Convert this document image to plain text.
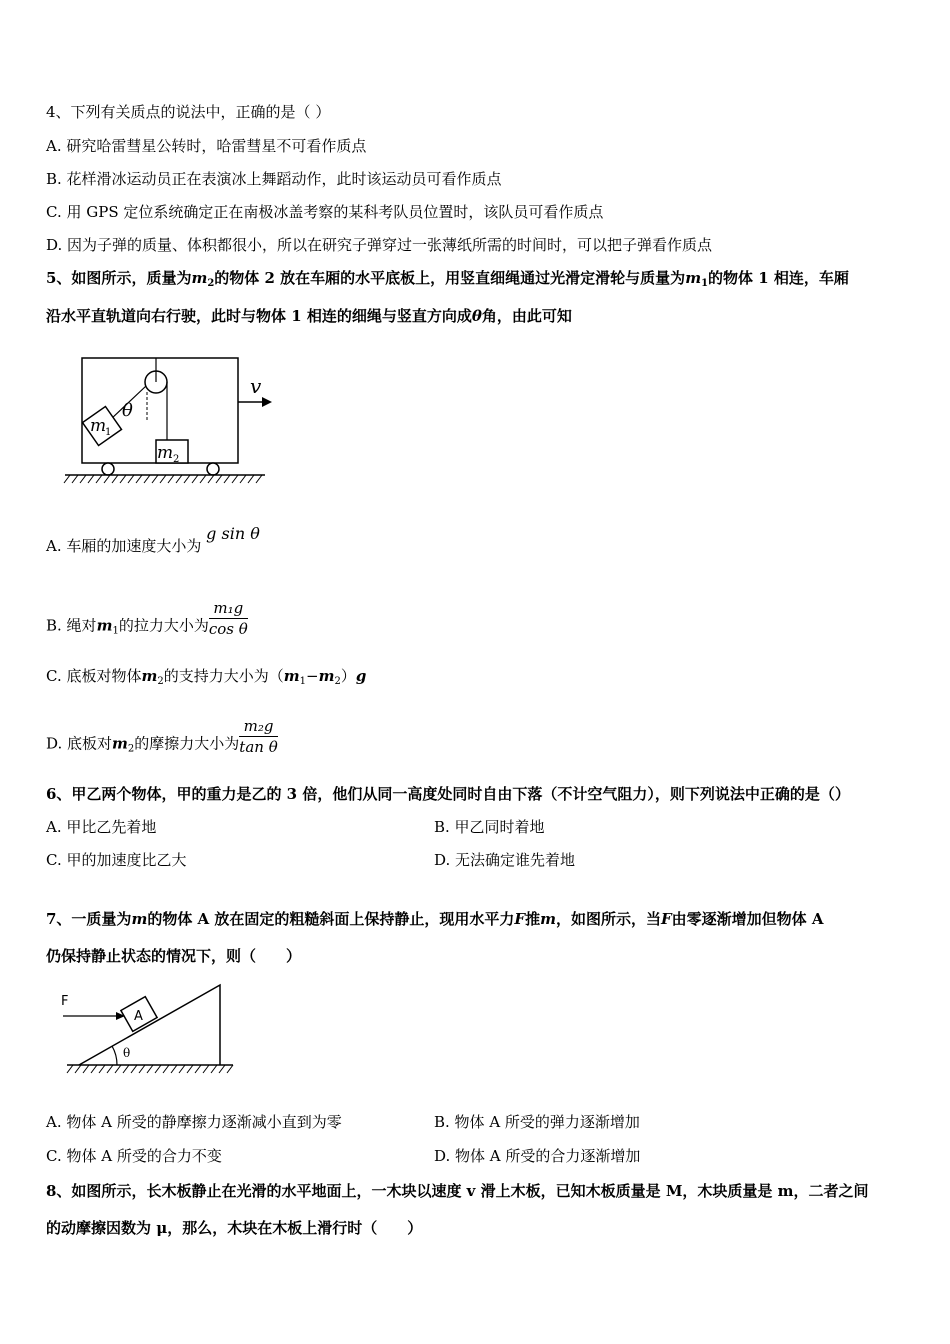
4、下列有关质点的说法中，正确的是（ ）
A. 研究哈雷彗星公转时，哈雷彗星不可看作质点
B. 花样滑冰运动员正在表演冰上舞蹈动作，此时该运动员可看作质点
C. 用 GPS 定位系统确定正在南极冰盖考察的某科考队员位置时，该队员可看作质点
D. 因为子弹的质量、体积都很小，所以在研究子弹穿过一张薄纸所需的时间时，可以把子弹看作质点
5、如图所示，质量为$m_2$的物体 2 放在车厢的水平底板上，用竖直细绳通过光滑定滑轮与质量为$m_1$的物体 1 相连，车厢
沿水平直轨道向右行驶，此时与物体 1 相连的细绳与竖直方向成θ角，由此可知
m
1
θ
m 2
v
A. 车厢的加速度大小为 g sin θ
B. 绳对$m_1$的拉力大小为 $\frac{\text{m₁g}}{\text{cos θ}}$
C. 底板对物体$m_2$的支持力大小为$(m_1-m_2)g$
D. 底板对$m_2$的摩擦力大小为 $\frac{\text{m₂g}}{\text{tan θ}}$
6、甲乙两个物体，甲的重力是乙的 3 倍，他们从同一高度处同时自由下落（不计空气阻力），则下列说法中正确的是（）
A. 甲比乙先着地	B. 甲乙同时着地
C. 甲的加速度比乙大	D. 无法确定谁先着地
7、一质量为m的物体 A 放在固定的粗糙斜面上保持静止，现用水平力F推m，如图所示，当F由零逐渐增加但物体 A
仍保持静止状态的情况下，则（　　）
A
F
θ
A. 物体 A 所受的静摩擦力逐渐减小直到为零	B. 物体 A 所受的弹力逐渐增加
C. 物体 A 所受的合力不变	D. 物体 A 所受的合力逐渐增加
8、如图所示，长木板静止在光滑的水平地面上，一木块以速度 v 滑上木板，已知木板质量是 M，木块质量是 m，二者之间
的动摩擦因数为 μ，那么，木块在木板上滑行时（　　）
